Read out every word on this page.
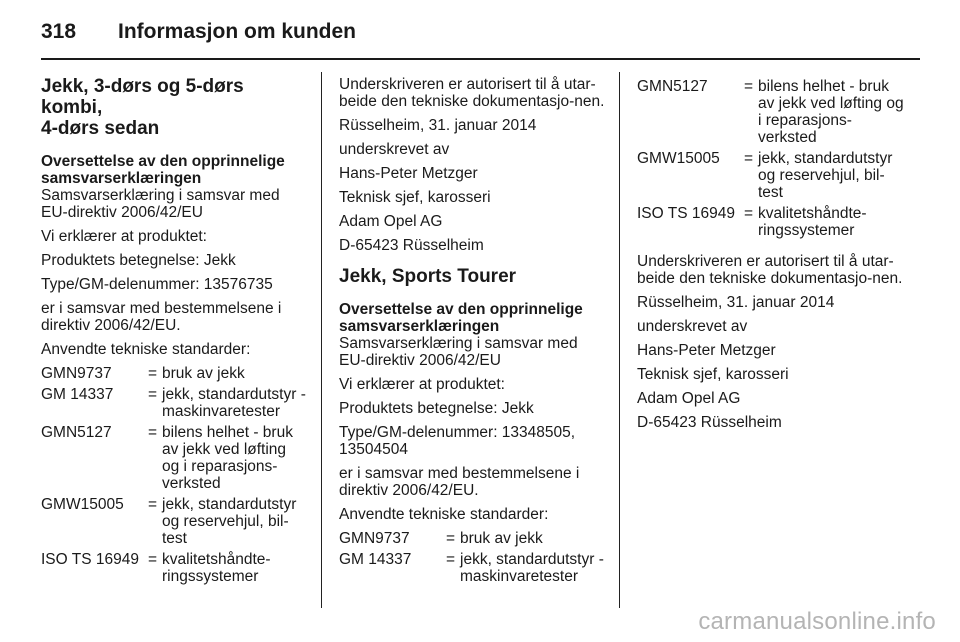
318 Informasjon om kunden
Jekk, 3-dørs og 5-dørs kombi,
4-dørs sedan

Oversettelse av den opprinnelige samsvarserklæringen

Samsvarserklæring i samsvar med EU-direktiv 2006/42/EU

Vi erklærer at produktet:

Produktets betegnelse: Jekk

Type/GM-delenummer: 13576735

er i samsvar med bestemmelsene i direktiv 2006/42/EU.

Anvendte tekniske standarder:

GMN9737	= bruk av jekk
GM 14337	= jekk, standardutstyr - maskinvaretester
GMN5127	= bilens helhet - bruk av jekk ved løfting og i reparasjons-verksted
GMW15005	= jekk, standardutstyr og reservehjul, bil-test
ISO TS 16949 = kvalitetshåndte-ringssystemer

Underskriveren er autorisert til å utar-beide den tekniske dokumentasjo-nen.

Rüsselheim, 31. januar 2014

underskrevet av

Hans-Peter Metzger

Teknisk sjef, karosseri

Adam Opel AG

D-65423 Rüsselheim

Jekk, Sports Tourer

Oversettelse av den opprinnelige samsvarserklæringen

Samsvarserklæring i samsvar med EU-direktiv 2006/42/EU

Vi erklærer at produktet:

Produktets betegnelse: Jekk

Type/GM-delenummer: 13348505, 13504504

er i samsvar med bestemmelsene i direktiv 2006/42/EU.

Anvendte tekniske standarder:

GMN9737	= bruk av jekk
GM 14337	= jekk, standardutstyr - maskinvaretester
GMN5127	= bilens helhet - bruk av jekk ved løfting og i reparasjons-verksted
GMW15005	= jekk, standardutstyr og reservehjul, bil-test
ISO TS 16949 = kvalitetshåndte-ringssystemer

Underskriveren er autorisert til å utar-beide den tekniske dokumentasjo-nen.

Rüsselheim, 31. januar 2014

underskrevet av

Hans-Peter Metzger

Teknisk sjef, karosseri

Adam Opel AG

D-65423 Rüsselheim

carmanualsonline.info
